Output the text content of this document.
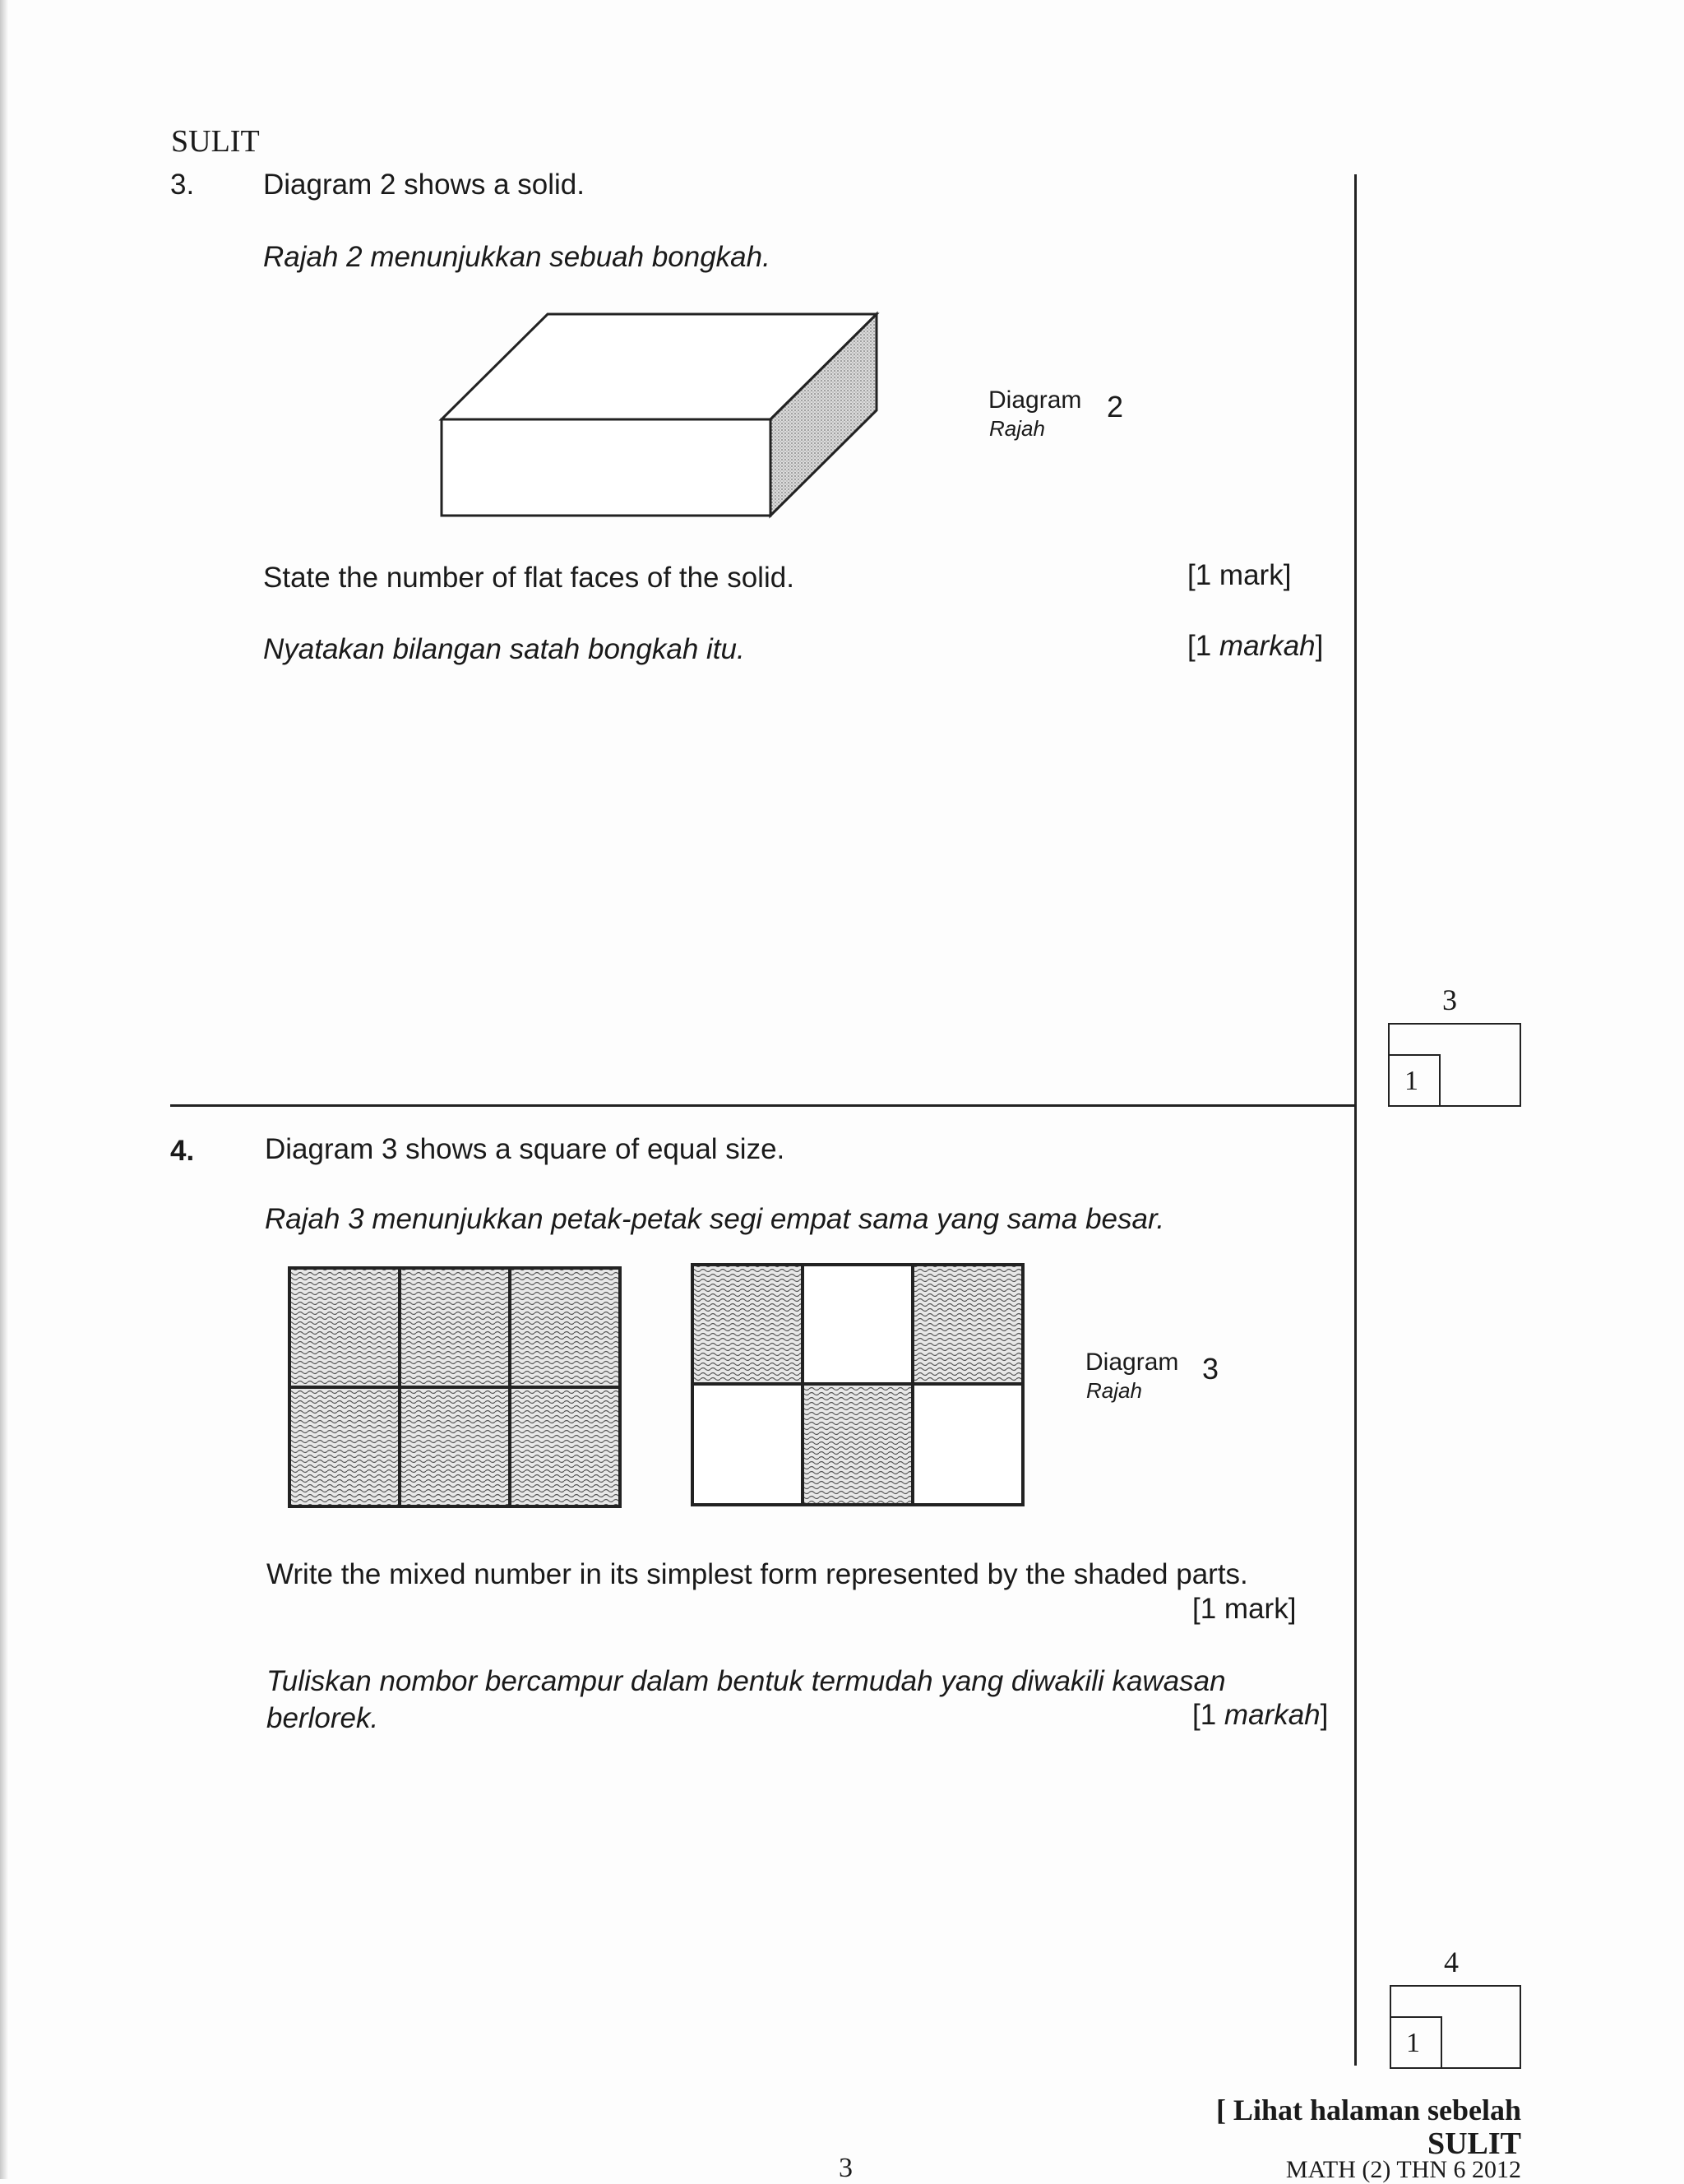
SULIT
3. Diagram 2 shows a solid.
Rajah 2 menunjukkan sebuah bongkah.
Diagram
Rajah
2
State the number of flat faces of the solid.	[1 mark]
Nyatakan bilangan satah bongkah itu.	[1 markah]
3
1
4. Diagram 3 shows a square of equal size.
Rajah 3 menunjukkan petak-petak segi empat sama yang sama besar.
Diagram
Rajah
3
Write the mixed number in its simplest form represented by the shaded parts.
[1 mark]
Tuliskan nombor bercampur dalam bentuk termudah yang diwakili kawasan
berlorek.	[1 markah]
4
1
[ Lihat halaman sebelah
SULIT
3	MATH (2) THN 6 2012
